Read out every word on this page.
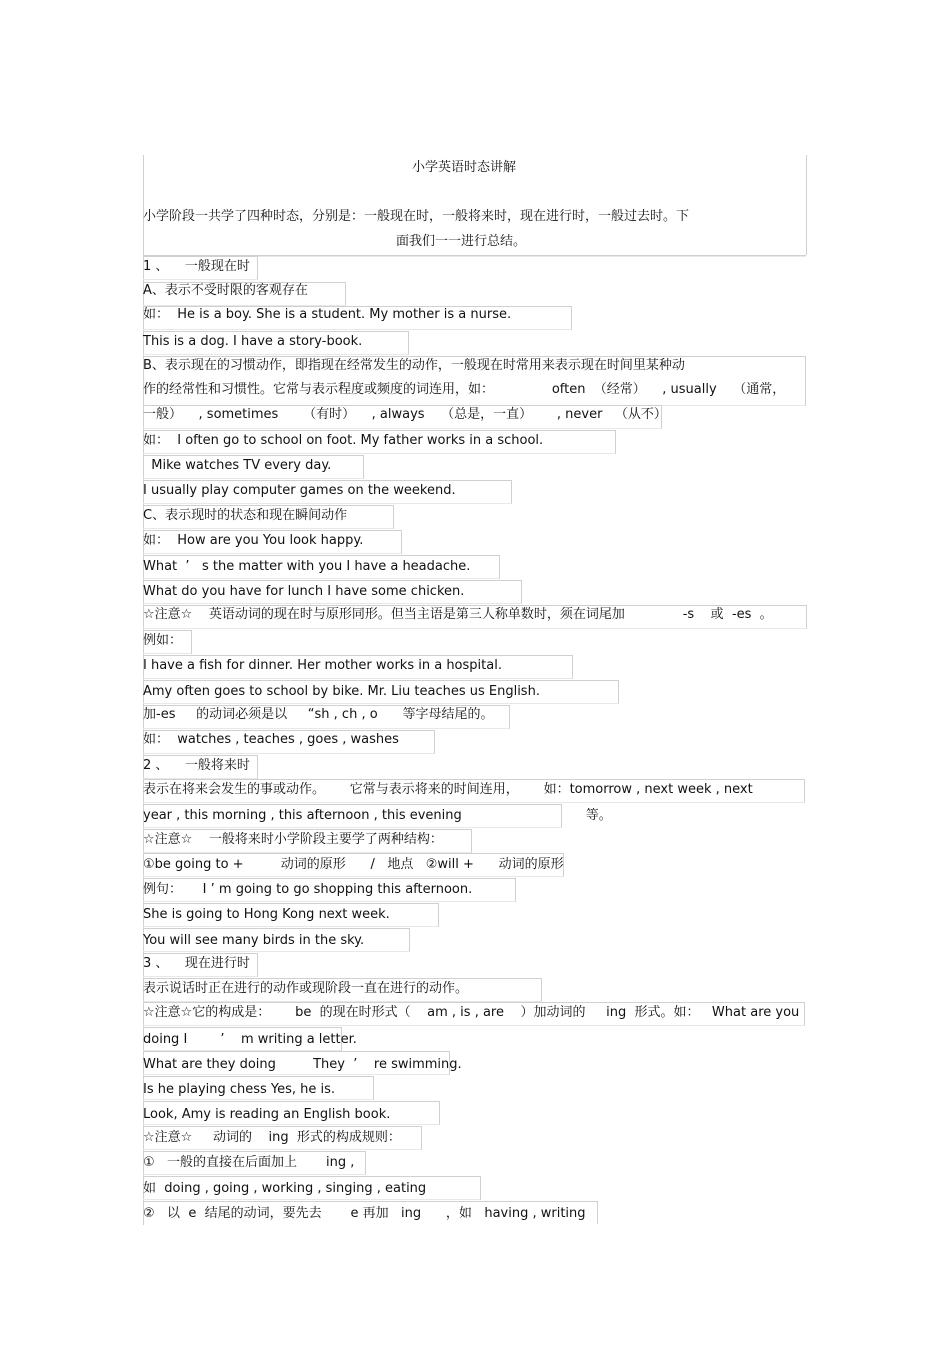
小学英语时态讲解
小学阶段一共学了四种时态，分别是：一般现在时，一般将来时，现在进行时，一般过去时。下
面我们一一进行总结。
1 、    一般现在时
A、表示不受时限的客观存在
如：  He is a boy. She is a student. My mother is a nurse.
This is a dog. I have a story-book.
B、表示现在的习惯动作，即指现在经常发生的动作，一般现在时常用来表示现在时间里某种动
作的经常性和习惯性。它常与表示程度或频度的词连用，如：              often  （经常）    , usually    （通常，
一般）    , sometimes      （有时）    , always    （总是，一直）      , never   （从不）
如：  I often go to school on foot. My father works in a school.
Mike watches TV every day.
I usually play computer games on the weekend.
C、表示现时的状态和现在瞬间动作
如：  How are you You look happy.
What  ’   s the matter with you I have a headache.
What do you have for lunch I have some chicken.
☆注意☆    英语动词的现在时与原形同形。但当主语是第三人称单数时，须在词尾加              -s    或  -es  。
例如：
I have a fish for dinner. Her mother works in a hospital.
Amy often goes to school by bike. Mr. Liu teaches us English.
加-es     的动词必须是以     “sh , ch , o      等字母结尾的。
如：  watches , teaches , goes , washes
2 、    一般将来时
表示在将来会发生的事或动作。      它常与表示将来的时间连用，      如：tomorrow , next week , next
year , this morning , this afternoon , this evening                              等。
☆注意☆    一般将来时小学阶段主要学了两种结构：
①be going to +         动词的原形      /   地点   ②will +      动词的原形
例句：     I ’ m going to go shopping this afternoon.
She is going to Hong Kong next week.
You will see many birds in the sky.
3 、    现在进行时
表示说话时正在进行的动作或现阶段一直在进行的动作。
☆注意☆它的构成是：      be  的现在时形式（    am , is , are    ）加动词的     ing  形式。如：   What are you
doing I        ’    m writing a letter.
What are they doing         They  ’    re swimming.
Is he playing chess Yes, he is.
Look, Amy is reading an English book.
☆注意☆     动词的    ing  形式的构成规则：
①   一般的直接在后面加上       ing ,
如  doing , going , working , singing , eating
②   以  e  结尾的动词，要先去       e 再加   ing      ，如   having , writing
